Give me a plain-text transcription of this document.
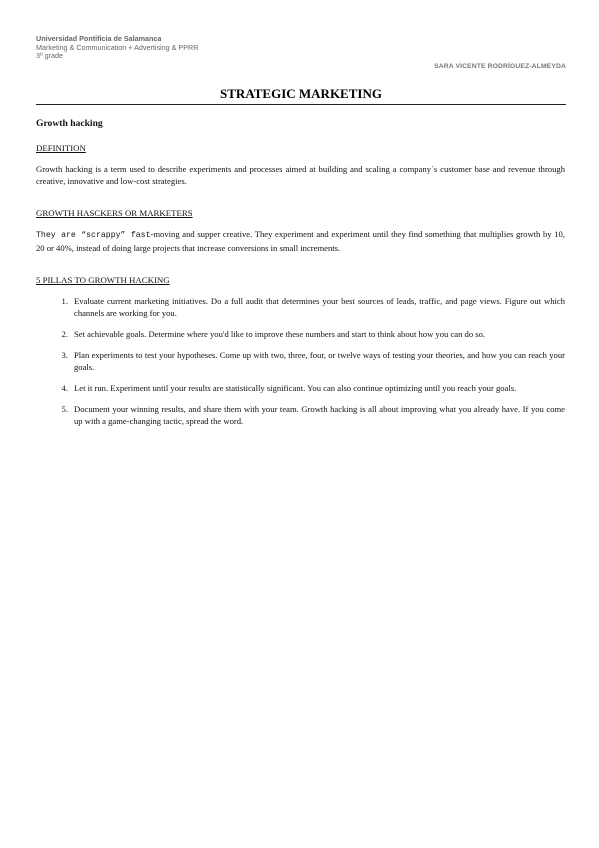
Universidad Pontificia de Salamanca
Marketing & Communication + Advertising & PPRR
3º grade
SARA VICENTE RODRÍGUEZ-ALMEYDA
STRATEGIC MARKETING
Growth hacking
DEFINITION

Growth hacking is a term used to describe experiments and processes aimed at building and scaling a company´s customer base and revenue through creative, innovative and low-cost strategies.

GROWTH HASCKERS OR MARKETERS

They are “scrappy” fast-moving and supper creative. They experiment and experiment until they find something that multiplies growth by 10, 20 or 40%, instead of doing large projects that increase conversions in small increments.

5 PILLAS TO GROWTH HACKING
1. Evaluate current marketing initiatives. Do a full audit that determines your best sources of leads, traffic, and page views. Figure out which channels are working for you.
2. Set achievable goals. Determine where you'd like to improve these numbers and start to think about how you can do so.
3. Plan experiments to test your hypotheses. Come up with two, three, four, or twelve ways of testing your theories, and how you can reach your goals.
4. Let it run. Experiment until your results are statistically significant. You can also continue optimizing until you reach your goals.
5. Document your winning results, and share them with your team. Growth hacking is all about improving what you already have. If you come up with a game-changing tactic, spread the word.
